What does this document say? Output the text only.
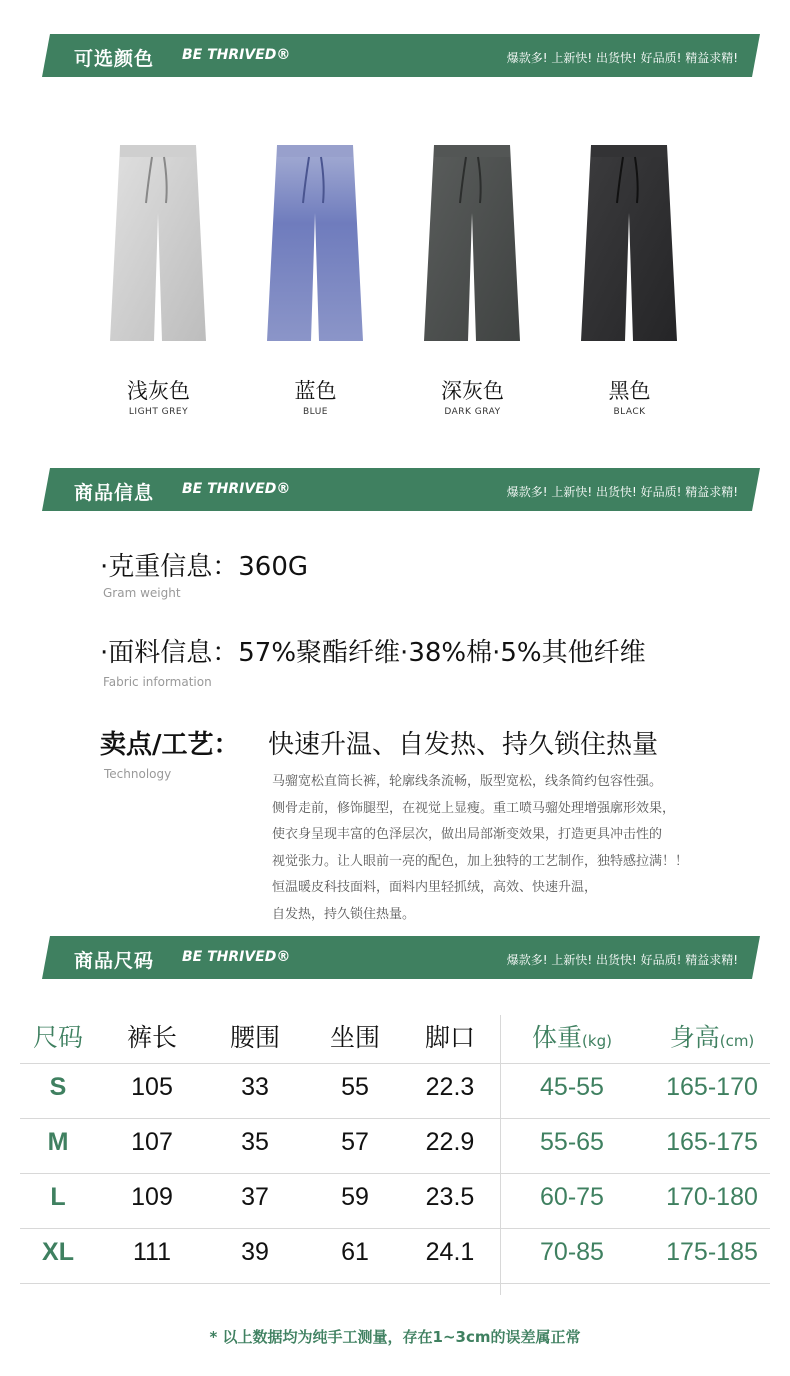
可选颜色 BE THRIVED®	爆款多! 上新快! 出货快! 好品质! 精益求精!
浅灰色
LIGHT GREY
蓝色
BLUE
深灰色
DARK GRAY
黑色
BLACK
商品信息 BE THRIVED®	爆款多! 上新快! 出货快! 好品质! 精益求精!
·克重信息：360G
Gram weight
·面料信息：57%聚酯纤维·38%棉·5%其他纤维
Fabric information
卖点/工艺： 快速升温、自发热、持久锁住热量
Technology	马骝宽松直筒长裤，轮廓线条流畅，版型宽松，线条简约包容性强。
侧骨走前，修饰腿型，在视觉上显瘦。重工喷马骝处理增强廓形效果，
使衣身呈现丰富的色泽层次，做出局部渐变效果，打造更具冲击性的
视觉张力。让人眼前一亮的配色，加上独特的工艺制作，独特感拉满！！
恒温暖皮科技面料，面料内里轻抓绒，高效、快速升温，
自发热，持久锁住热量。
商品尺码 BE THRIVED®	爆款多! 上新快! 出货快! 好品质! 精益求精!
尺码	裤长	腰围	坐围	脚口	体重(kg)	身高(cm)
S	105	33	55	22.3	45-55	165-170
M	107	35	57	22.9	55-65	165-175
L	109	37	59	23.5	60-75	170-180
XL	111	39	61	24.1	70-85	175-185
* 以上数据均为纯手工测量，存在1~3cm的误差属正常
